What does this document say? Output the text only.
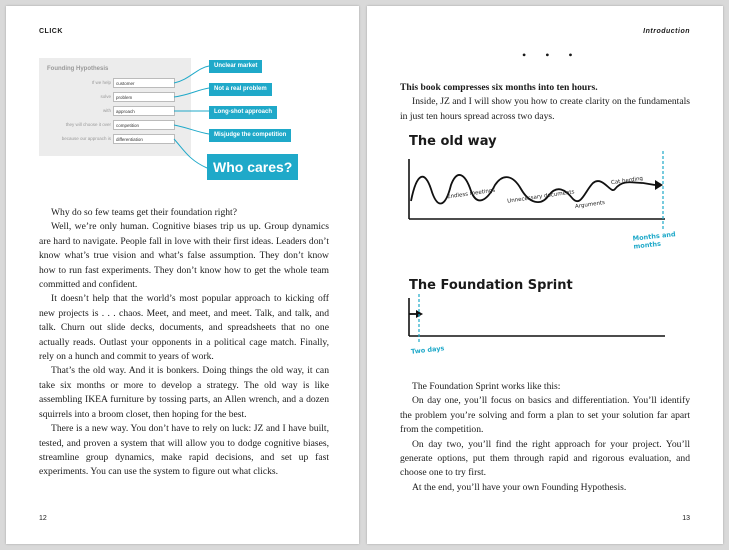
CLICK
Founding Hypothesis
If we help customer
solve problem
with approach
they will choose it over competition
because our approach is differentiation
Unclear market
Not a real problem
Long-shot approach
Misjudge the competition
Who cares?

Why do so few teams get their foundation right?

Well, we’re only human. Cognitive biases trip us up. Group dynamics are hard to navigate. People fall in love with their first ideas. Leaders don’t know what’s true vision and what’s false assumption. They don’t know how to run fast experiments. They don’t know how to get the whole team committed and confident.

It doesn’t help that the world’s most popular approach to kicking off new projects is . . . chaos. Meet, and meet, and meet. Talk, and talk, and talk. Churn out slide decks, documents, and spreadsheets that no one actually reads. Outlast your opponents in a political cage match. Finally, rely on a hunch and commit to years of work.

That’s the old way. And it is bonkers. Doing things the old way, it can take six months or more to develop a strategy. The old way is like assembling IKEA furniture by tossing parts, an Allen wrench, and a dozen squirrels into a broom closet, then hoping for the best.

There is a new way. You don’t have to rely on luck: JZ and I have built, tested, and proven a system that will allow you to dodge cognitive biases, streamline group dynamics, make rapid decisions, and set up fast experiments. You can use the system to figure out what clicks.

12
Introduction
• • •

This book compresses six months into ten hours.

Inside, JZ and I will show you how to create clarity on the fundamentals in just ten hours spread across two days.

The old way
Endless meetings Unnecessary documents
Arguments
Cat herding
Months and months
The Foundation Sprint
Two days

The Foundation Sprint works like this:

On day one, you’ll focus on basics and differentiation. You’ll identify the problem you’re solving and form a plan to set your solution far apart from the competition.

On day two, you’ll find the right approach for your project. You’ll generate options, put them through rapid and rigorous evaluation, and choose one to try first.

At the end, you’ll have your own Founding Hypothesis.

13
